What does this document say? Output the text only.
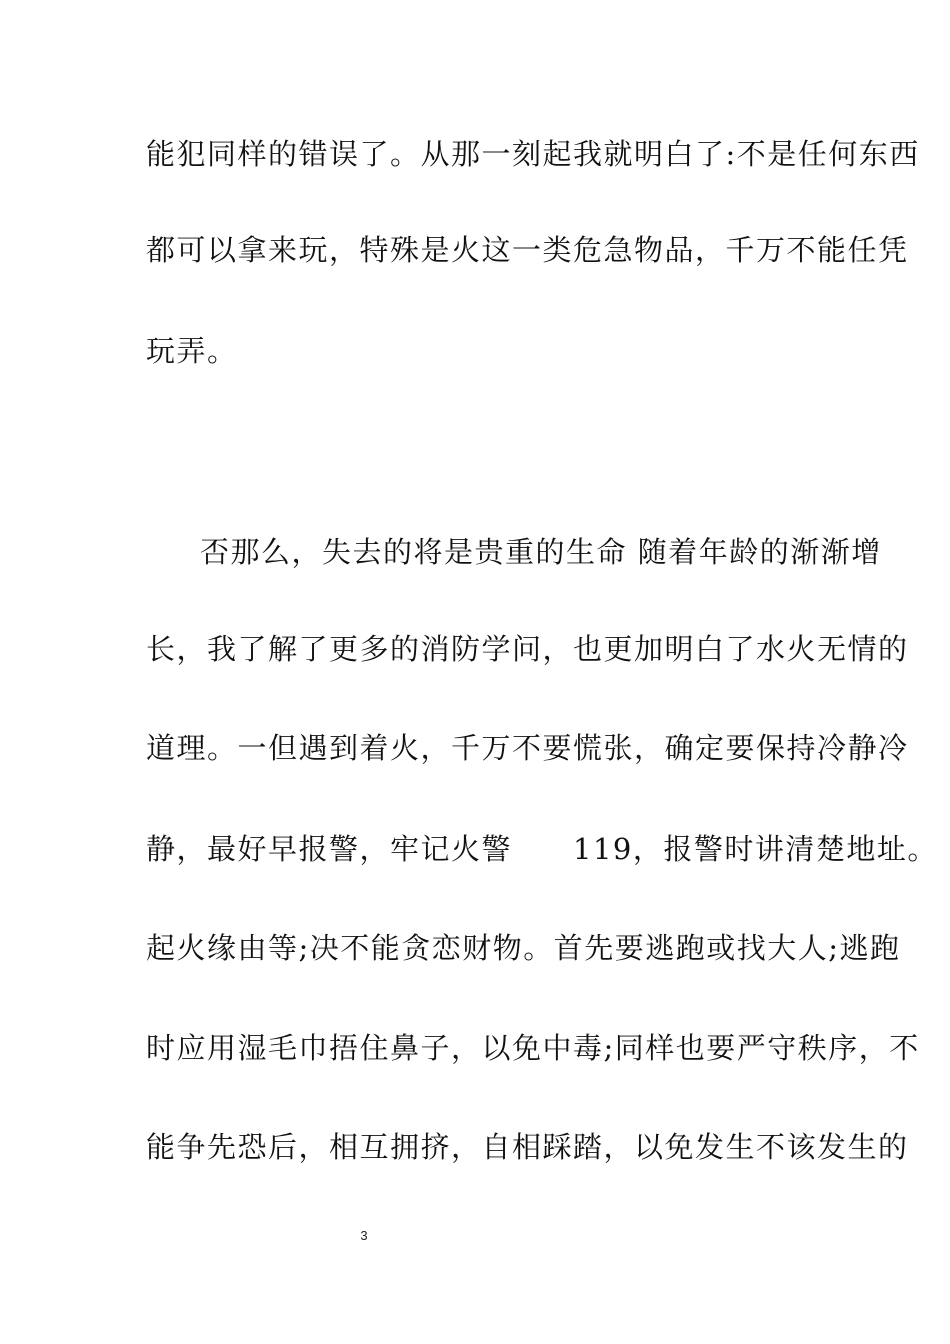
能犯同样的错误了。从那一刻起我就明白了:不是任何东西
都可以拿来玩，特殊是火这一类危急物品，千万不能任凭
玩弄。
否那么，失去的将是贵重的生命 随着年龄的渐渐增
长，我了解了更多的消防学问，也更加明白了水火无情的
道理。一但遇到着火，千万不要慌张，确定要保持冷静冷
静，最好早报警，牢记火警　　119，报警时讲清楚地址。
起火缘由等;决不能贪恋财物。首先要逃跑或找大人;逃跑
时应用湿毛巾捂住鼻子，以免中毒;同样也要严守秩序，不
能争先恐后，相互拥挤，自相踩踏，以免发生不该发生的
3
